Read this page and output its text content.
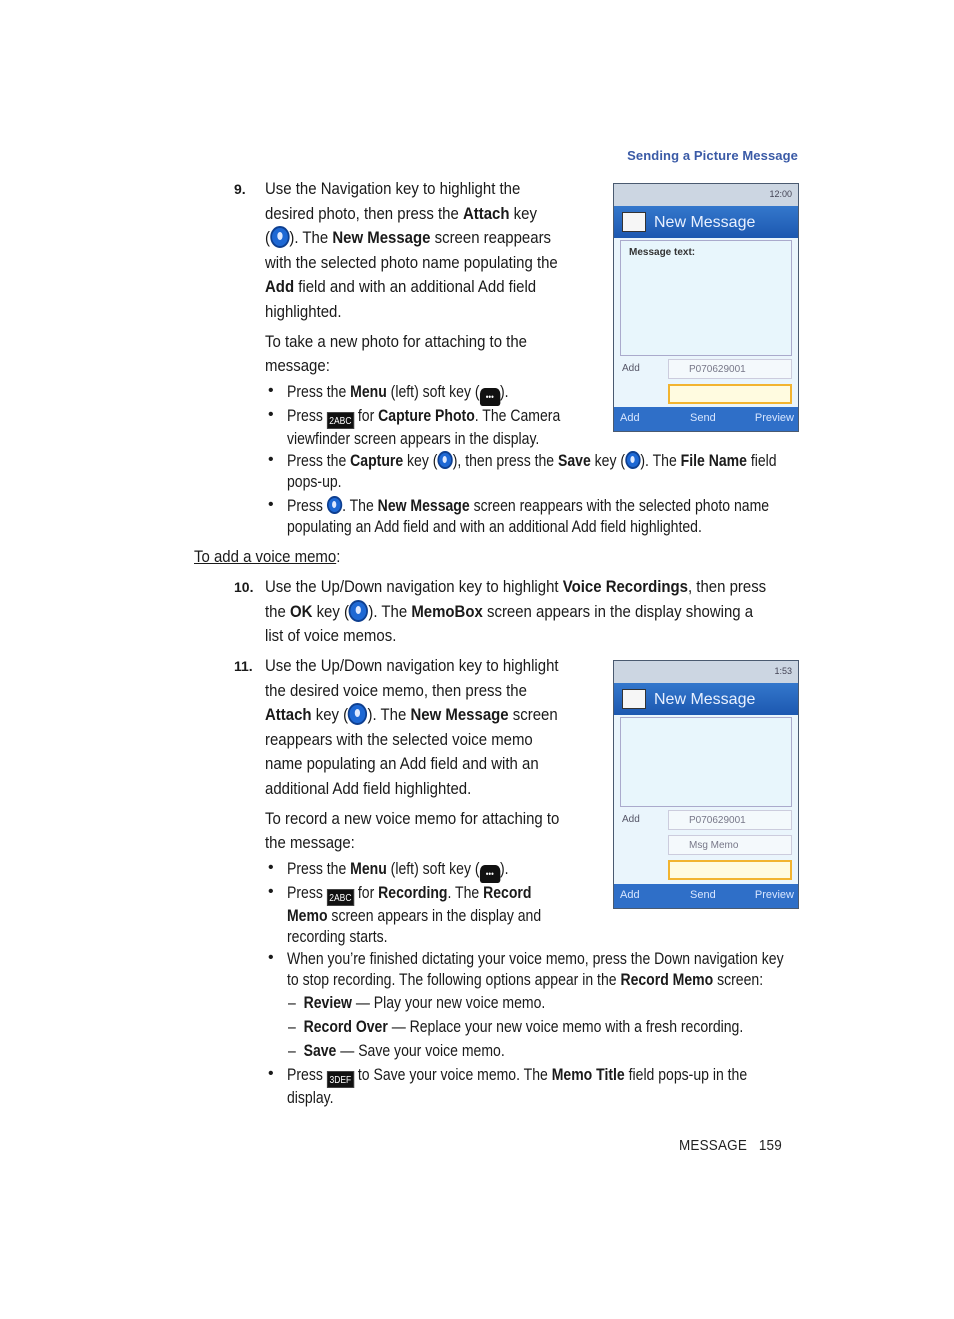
Sending a Picture Message
9. Use the Navigation key to highlight the
desired photo, then press the Attach key
( ). The New Message screen reappears
with the selected photo name populating the
Add field and with an additional Add field
highlighted.
To take a new photo for attaching to the
message:
• Press the Menu (left) soft key ( ••• ).
• Press 2ABC for Capture Photo. The Camera
viewfinder screen appears in the display.
• Press the Capture key ( ), then press the Save key ( ). The File Name field
pops-up.
• Press . The New Message screen reappears with the selected photo name
populating an Add field and with an additional Add field highlighted.
12:00
New Message
Message text:
Add	P070629001
Add	Send	Preview
To add a voice memo:
10. Use the Up/Down navigation key to highlight Voice Recordings, then press
the OK key ( ). The MemoBox screen appears in the display showing a
list of voice memos.
11. Use the Up/Down navigation key to highlight
the desired voice memo, then press the
Attach key ( ). The New Message screen
reappears with the selected voice memo
name populating an Add field and with an
additional Add field highlighted.
To record a new voice memo for attaching to
the message:
• Press the Menu (left) soft key ( ••• ).
• Press 2ABC for Recording. The Record
Memo screen appears in the display and
recording starts.
• When you’re finished dictating your voice memo, press the Down navigation key
to stop recording. The following options appear in the Record Memo screen:
–  Review — Play your new voice memo.
–  Record Over — Replace your new voice memo with a fresh recording.
–  Save — Save your voice memo.
• Press 3DEF to Save your voice memo. The Memo Title field pops-up in the
display.
1:53
New Message
Add	P070629001
Msg Memo
Add	Send	Preview
MESSAGE 159
